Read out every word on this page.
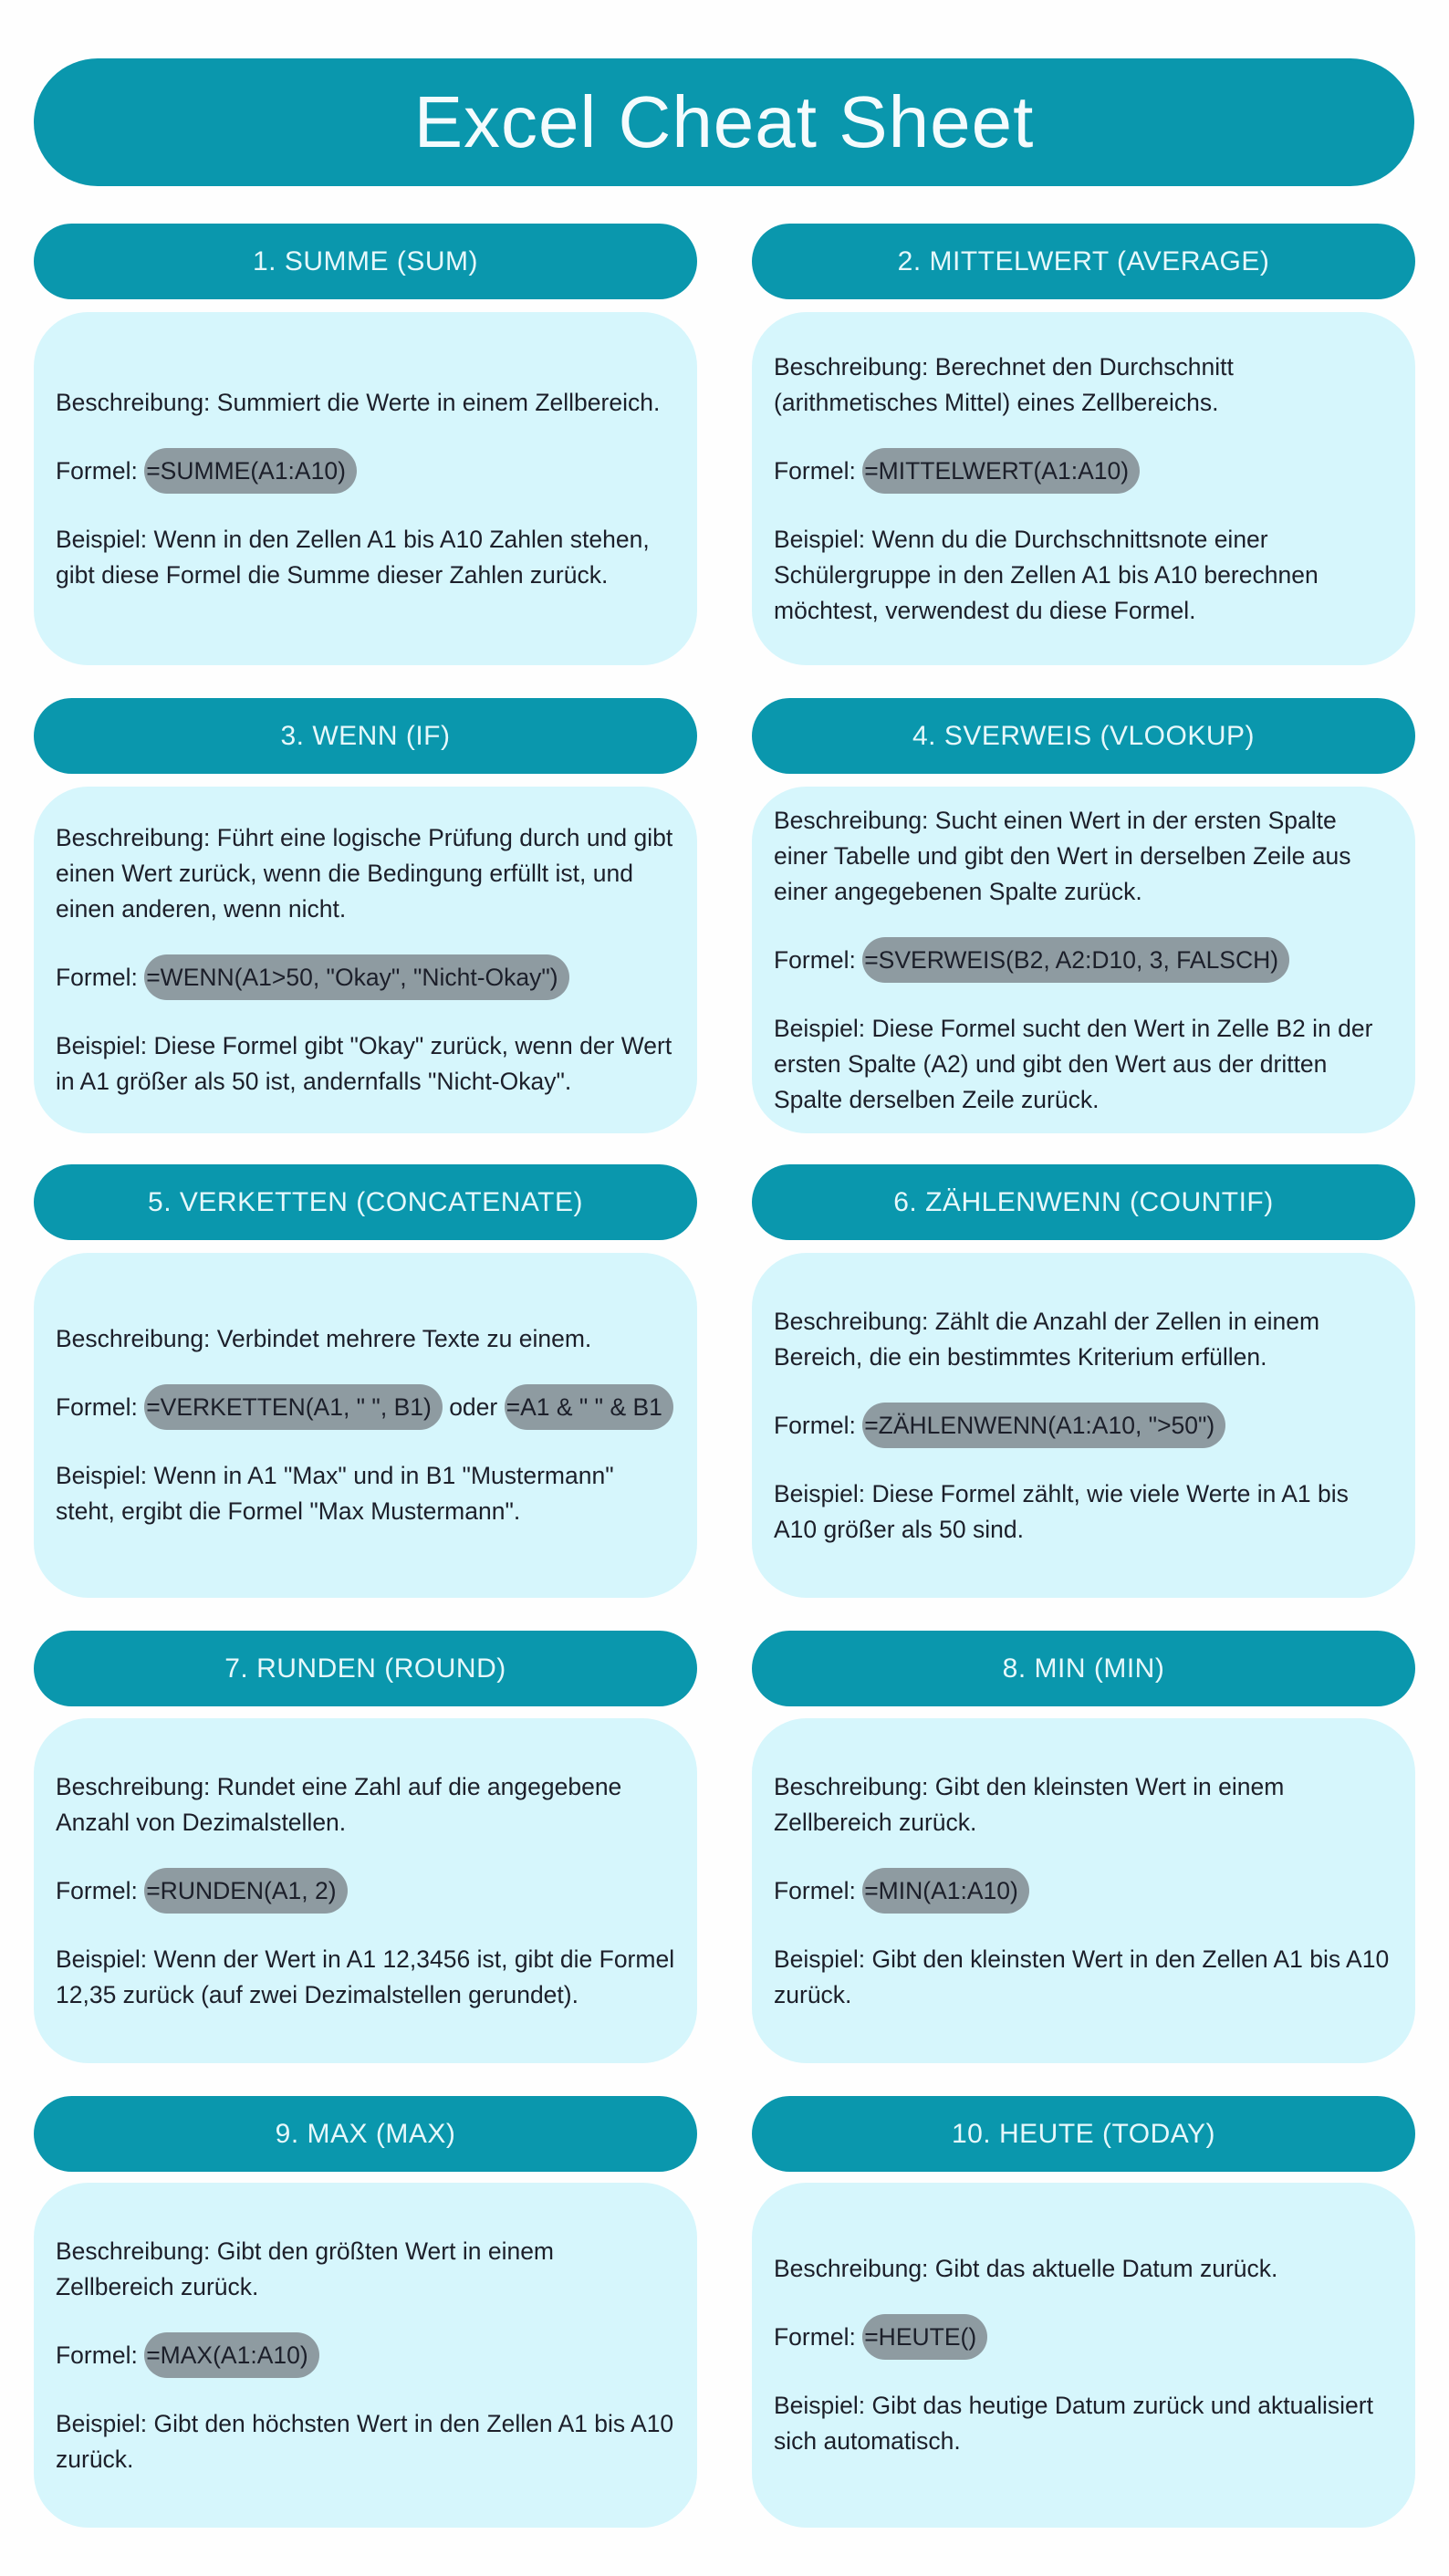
Excel Cheat Sheet
1. SUMME (SUM)

Beschreibung: Summiert die Werte in einem Zellbereich.

Formel: =SUMME(A1:A10)

Beispiel: Wenn in den Zellen A1 bis A10 Zahlen stehen, gibt diese Formel die Summe dieser Zahlen zurück.

2. MITTELWERT (AVERAGE)

Beschreibung: Berechnet den Durchschnitt (arithmetisches Mittel) eines Zellbereichs.

Formel: =MITTELWERT(A1:A10)

Beispiel: Wenn du die Durchschnittsnote einer Schülergruppe in den Zellen A1 bis A10 berechnen möchtest, verwendest du diese Formel.

3. WENN (IF)

Beschreibung: Führt eine logische Prüfung durch und gibt einen Wert zurück, wenn die Bedingung erfüllt ist, und einen anderen, wenn nicht.

Formel: =WENN(A1>50, "Okay", "Nicht-Okay")

Beispiel: Diese Formel gibt "Okay" zurück, wenn der Wert in A1 größer als 50 ist, andernfalls "Nicht-Okay".

4. SVERWEIS (VLOOKUP)

Beschreibung: Sucht einen Wert in der ersten Spalte einer Tabelle und gibt den Wert in derselben Zeile aus einer angegebenen Spalte zurück.

Formel: =SVERWEIS(B2, A2:D10, 3, FALSCH)

Beispiel: Diese Formel sucht den Wert in Zelle B2 in der ersten Spalte (A2) und gibt den Wert aus der dritten Spalte derselben Zeile zurück.

5. VERKETTEN (CONCATENATE)

Beschreibung: Verbindet mehrere Texte zu einem.

Formel: =VERKETTEN(A1, " ", B1) oder =A1 & " " & B1

Beispiel: Wenn in A1 "Max" und in B1 "Mustermann" steht, ergibt die Formel "Max Mustermann".

6. ZÄHLENWENN (COUNTIF)

Beschreibung: Zählt die Anzahl der Zellen in einem Bereich, die ein bestimmtes Kriterium erfüllen.

Formel: =ZÄHLENWENN(A1:A10, ">50")

Beispiel: Diese Formel zählt, wie viele Werte in A1 bis A10 größer als 50 sind.

7. RUNDEN (ROUND)

Beschreibung: Rundet eine Zahl auf die angegebene Anzahl von Dezimalstellen.

Formel: =RUNDEN(A1, 2)

Beispiel: Wenn der Wert in A1 12,3456 ist, gibt die Formel 12,35 zurück (auf zwei Dezimalstellen gerundet).

8. MIN (MIN)

Beschreibung: Gibt den kleinsten Wert in einem Zellbereich zurück.

Formel: =MIN(A1:A10)

Beispiel: Gibt den kleinsten Wert in den Zellen A1 bis A10 zurück.

9. MAX (MAX)

Beschreibung: Gibt den größten Wert in einem Zellbereich zurück.

Formel: =MAX(A1:A10)

Beispiel: Gibt den höchsten Wert in den Zellen A1 bis A10 zurück.

10. HEUTE (TODAY)

Beschreibung: Gibt das aktuelle Datum zurück.

Formel: =HEUTE()

Beispiel: Gibt das heutige Datum zurück und aktualisiert sich automatisch.
